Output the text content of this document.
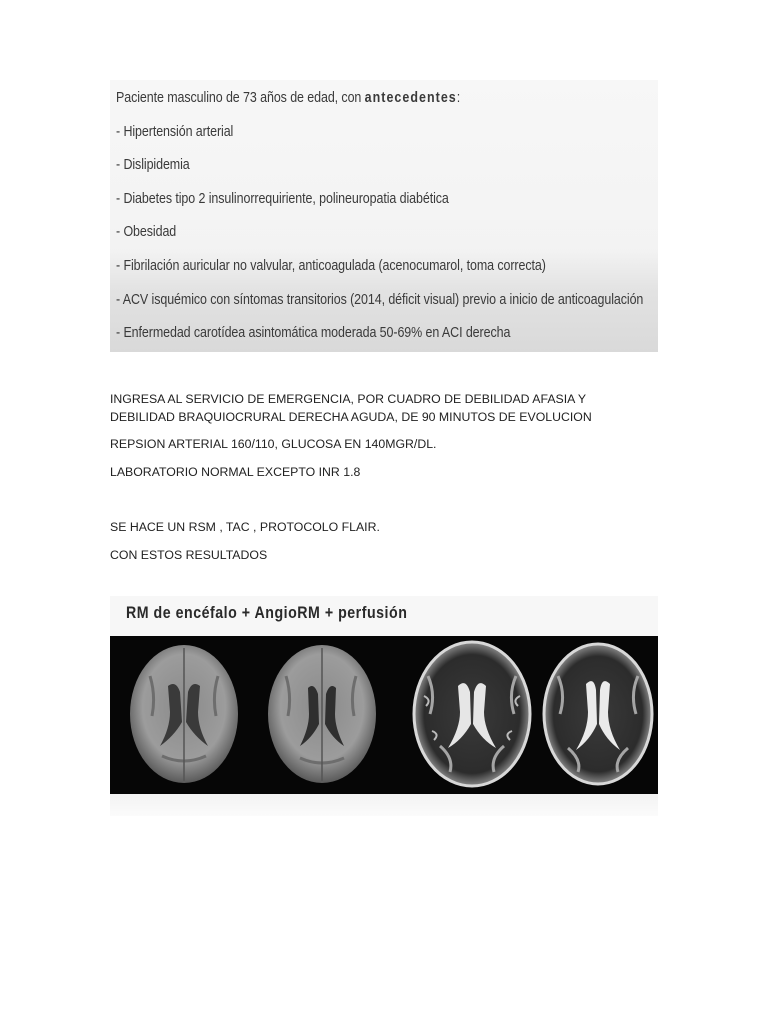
Paciente masculino de 73 años de edad, con antecedentes:
- Hipertensión arterial
- Dislipidemia
- Diabetes tipo 2 insulinorrequiriente, polineuropatia diabética
- Obesidad
- Fibrilación auricular no valvular, anticoagulada (acenocumarol, toma correcta)
- ACV isquémico con síntomas transitorios (2014, déficit visual) previo a inicio de anticoagulación
- Enfermedad carotídea asintomática moderada 50-69% en ACI derecha
INGRESA AL SERVICIO DE EMERGENCIA, POR CUADRO DE DEBILIDAD AFASIA Y
DEBILIDAD BRAQUIOCRURAL DERECHA AGUDA, DE 90 MINUTOS DE EVOLUCION
REPSION ARTERIAL 160/110, GLUCOSA EN 140MGR/DL.
LABORATORIO NORMAL EXCEPTO INR 1.8
SE HACE UN RSM , TAC , PROTOCOLO FLAIR.
CON ESTOS RESULTADOS
RM de encéfalo + AngioRM + perfusión
